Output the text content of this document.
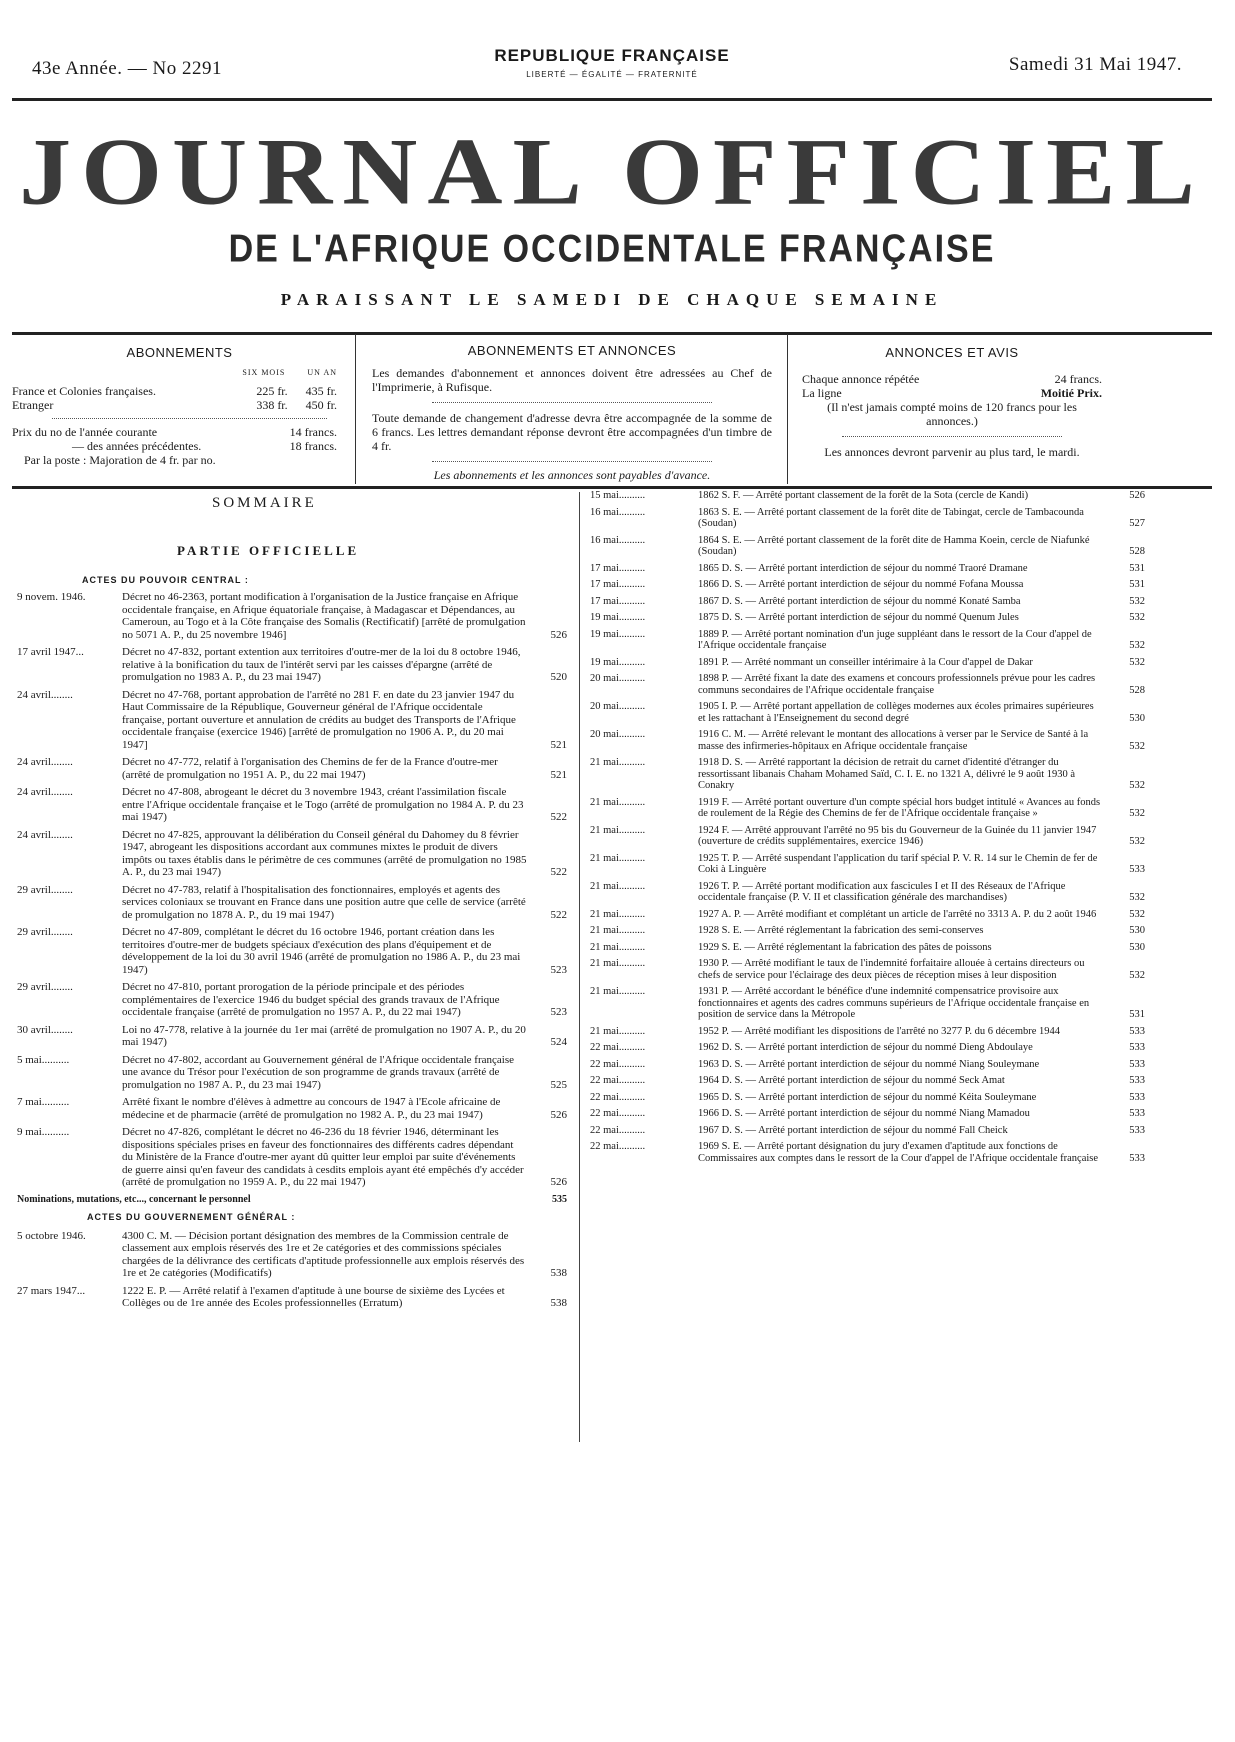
43e Année. — No 2291
REPUBLIQUE FRANÇAISE
LIBERTÉ — ÉGALITÉ — FRATERNITÉ	Samedi 31 Mai 1947.
JOURNAL OFFICIEL
DE L'AFRIQUE OCCIDENTALE FRANÇAISE
PARAISSANT LE SAMEDI DE CHAQUE SEMAINE
ABONNEMENTS
SIX MOIS	UN AN
France et Colonies françaises.	225 fr. 435 fr.
Etranger	338 fr. 450 fr.
Prix du no de l'année courante	14 francs.
— des années précédentes.	18 francs.
Par la poste : Majoration de 4 fr. par no.
ABONNEMENTS ET ANNONCES
Les demandes d'abonnement et annonces doivent être adressées au Chef de l'Imprimerie, à Rufisque.
Toute demande de changement d'adresse devra être accompagnée de la somme de 6 francs. Les lettres demandant réponse devront être accompagnées d'un timbre de 4 fr.
Les abonnements et les annonces sont payables d'avance.
ANNONCES ET AVIS
Chaque annonce répétée	24 francs.
La ligne	Moitié Prix.
(Il n'est jamais compté moins de 120 francs pour les annonces.)
Les annonces devront parvenir au plus tard, le mardi.
SOMMAIRE
PARTIE OFFICIELLE
ACTES DU POUVOIR CENTRAL :
9 novem. 1946.	Décret no 46-2363, portant modification à l'organisation de la Justice française en Afrique occidentale française, en Afrique équatoriale française, à Madagascar et Dépendances, au Cameroun, au Togo et à la Côte française des Somalis (Rectificatif) [arrêté de promulgation no 5071 A. P., du 25 novembre 1946]	526
17 avril 1947...	Décret no 47-832, portant extention aux territoires d'outre-mer de la loi du 8 octobre 1946, relative à la bonification du taux de l'intérêt servi par les caisses d'épargne (arrêté de promulgation no 1983 A. P., du 23 mai 1947)	520
24 avril........	Décret no 47-768, portant approbation de l'arrêté no 281 F. en date du 23 janvier 1947 du Haut Commissaire de la République, Gouverneur général de l'Afrique occidentale française, portant ouverture et annulation de crédits au budget des Transports de l'Afrique occidentale française (exercice 1946) [arrêté de promulgation no 1906 A. P., du 20 mai 1947]	521
24 avril........	Décret no 47-772, relatif à l'organisation des Chemins de fer de la France d'outre-mer (arrêté de promulgation no 1951 A. P., du 22 mai 1947)	521
24 avril........	Décret no 47-808, abrogeant le décret du 3 novembre 1943, créant l'assimilation fiscale entre l'Afrique occidentale française et le Togo (arrêté de promulgation no 1984 A. P. du 23 mai 1947)	522
24 avril........	Décret no 47-825, approuvant la délibération du Conseil général du Dahomey du 8 février 1947, abrogeant les dispositions accordant aux communes mixtes le produit de divers impôts ou taxes établis dans le périmètre de ces communes (arrêté de promulgation no 1985 A. P., du 23 mai 1947)	522
29 avril........	Décret no 47-783, relatif à l'hospitalisation des fonctionnaires, employés et agents des services coloniaux se trouvant en France dans une position autre que celle de service (arrêté de promulgation no 1878 A. P., du 19 mai 1947)	522
29 avril........	Décret no 47-809, complétant le décret du 16 octobre 1946, portant création dans les territoires d'outre-mer de budgets spéciaux d'exécution des plans d'équipement et de développement de la loi du 30 avril 1946 (arrêté de promulgation no 1986 A. P., du 23 mai 1947)	523
29 avril........	Décret no 47-810, portant prorogation de la période principale et des périodes complémentaires de l'exercice 1946 du budget spécial des grands travaux de l'Afrique occidentale française (arrêté de promulgation no 1957 A. P., du 22 mai 1947)	523
30 avril........	Loi no 47-778, relative à la journée du 1er mai (arrêté de promulgation no 1907 A. P., du 20 mai 1947)	524
5 mai..........	Décret no 47-802, accordant au Gouvernement général de l'Afrique occidentale française une avance du Trésor pour l'exécution de son programme de grands travaux (arrêté de promulgation no 1987 A. P., du 23 mai 1947)	525
7 mai..........	Arrêté fixant le nombre d'élèves à admettre au concours de 1947 à l'Ecole africaine de médecine et de pharmacie (arrêté de promulgation no 1982 A. P., du 23 mai 1947)	526
9 mai..........	Décret no 47-826, complétant le décret no 46-236 du 18 février 1946, déterminant les dispositions spéciales prises en faveur des fonctionnaires des différents cadres dépendant du Ministère de la France d'outre-mer ayant dû quitter leur emploi par suite d'événements de guerre ainsi qu'en faveur des candidats à cesdits emplois ayant été empêchés d'y accéder (arrêté de promulgation no 1959 A. P., du 22 mai 1947)	526
Nominations, mutations, etc..., concernant le personnel	535
ACTES DU GOUVERNEMENT GÉNÉRAL :
5 octobre 1946.	4300 C. M. — Décision portant désignation des membres de la Commission centrale de classement aux emplois réservés des 1re et 2e catégories et des commissions spéciales chargées de la délivrance des certificats d'aptitude professionnelle aux emplois réservés des 1re et 2e catégories (Modificatifs)	538
27 mars 1947...	1222 E. P. — Arrêté relatif à l'examen d'aptitude à une bourse de sixième des Lycées et Collèges ou de 1re année des Ecoles professionnelles (Erratum)	538
15 mai..........	1862 S. F. — Arrêté portant classement de la forêt de la Sota (cercle de Kandi)	526
16 mai..........	1863 S. E. — Arrêté portant classement de la forêt dite de Tabingat, cercle de Tambacounda (Soudan)	527
16 mai..........	1864 S. E. — Arrêté portant classement de la forêt dite de Hamma Koein, cercle de Niafunké (Soudan)	528
17 mai..........	1865 D. S. — Arrêté portant interdiction de séjour du nommé Traoré Dramane	531
17 mai..........	1866 D. S. — Arrêté portant interdiction de séjour du nommé Fofana Moussa	531
17 mai..........	1867 D. S. — Arrêté portant interdiction de séjour du nommé Konaté Samba	532
19 mai..........	1875 D. S. — Arrêté portant interdiction de séjour du nommé Quenum Jules	532
19 mai..........	1889 P. — Arrêté portant nomination d'un juge suppléant dans le ressort de la Cour d'appel de l'Afrique occidentale française	532
19 mai..........	1891 P. — Arrêté nommant un conseiller intérimaire à la Cour d'appel de Dakar	532
20 mai..........	1898 P. — Arrêté fixant la date des examens et concours professionnels prévue pour les cadres communs secondaires de l'Afrique occidentale française	528
20 mai..........	1905 I. P. — Arrêté portant appellation de collèges modernes aux écoles primaires supérieures et les rattachant à l'Enseignement du second degré	530
20 mai..........	1916 C. M. — Arrêté relevant le montant des allocations à verser par le Service de Santé à la masse des infirmeries-hôpitaux en Afrique occidentale française	532
21 mai..........	1918 D. S. — Arrêté rapportant la décision de retrait du carnet d'identité d'étranger du ressortissant libanais Chaham Mohamed Saïd, C. I. E. no 1321 A, délivré le 9 août 1930 à Conakry	532
21 mai..........	1919 F. — Arrêté portant ouverture d'un compte spécial hors budget intitulé « Avances au fonds de roulement de la Régie des Chemins de fer de l'Afrique occidentale française »	532
21 mai..........	1924 F. — Arrêté approuvant l'arrêté no 95 bis du Gouverneur de la Guinée du 11 janvier 1947 (ouverture de crédits supplémentaires, exercice 1946)	532
21 mai..........	1925 T. P. — Arrêté suspendant l'application du tarif spécial P. V. R. 14 sur le Chemin de fer de Coki à Linguère	533
21 mai..........	1926 T. P. — Arrêté portant modification aux fascicules I et II des Réseaux de l'Afrique occidentale française (P. V. II et classification générale des marchandises)	532
21 mai..........	1927 A. P. — Arrêté modifiant et complétant un article de l'arrêté no 3313 A. P. du 2 août 1946	532
21 mai..........	1928 S. E. — Arrêté réglementant la fabrication des semi-conserves	530
21 mai..........	1929 S. E. — Arrêté réglementant la fabrication des pâtes de poissons	530
21 mai..........	1930 P. — Arrêté modifiant le taux de l'indemnité forfaitaire allouée à certains directeurs ou chefs de service pour l'éclairage des deux pièces de réception mises à leur disposition	532
21 mai..........	1931 P. — Arrêté accordant le bénéfice d'une indemnité compensatrice provisoire aux fonctionnaires et agents des cadres communs supérieurs de l'Afrique occidentale française en position de service dans la Métropole	531
21 mai..........	1952 P. — Arrêté modifiant les dispositions de l'arrêté no 3277 P. du 6 décembre 1944	533
22 mai..........	1962 D. S. — Arrêté portant interdiction de séjour du nommé Dieng Abdoulaye	533
22 mai..........	1963 D. S. — Arrêté portant interdiction de séjour du nommé Niang Souleymane	533
22 mai..........	1964 D. S. — Arrêté portant interdiction de séjour du nommé Seck Amat	533
22 mai..........	1965 D. S. — Arrêté portant interdiction de séjour du nommé Kéita Souleymane	533
22 mai..........	1966 D. S. — Arrêté portant interdiction de séjour du nommé Niang Mamadou	533
22 mai..........	1967 D. S. — Arrêté portant interdiction de séjour du nommé Fall Cheick	533
22 mai..........	1969 S. E. — Arrêté portant désignation du jury d'examen d'aptitude aux fonctions de Commissaires aux comptes dans le ressort de la Cour d'appel de l'Afrique occidentale française	533
